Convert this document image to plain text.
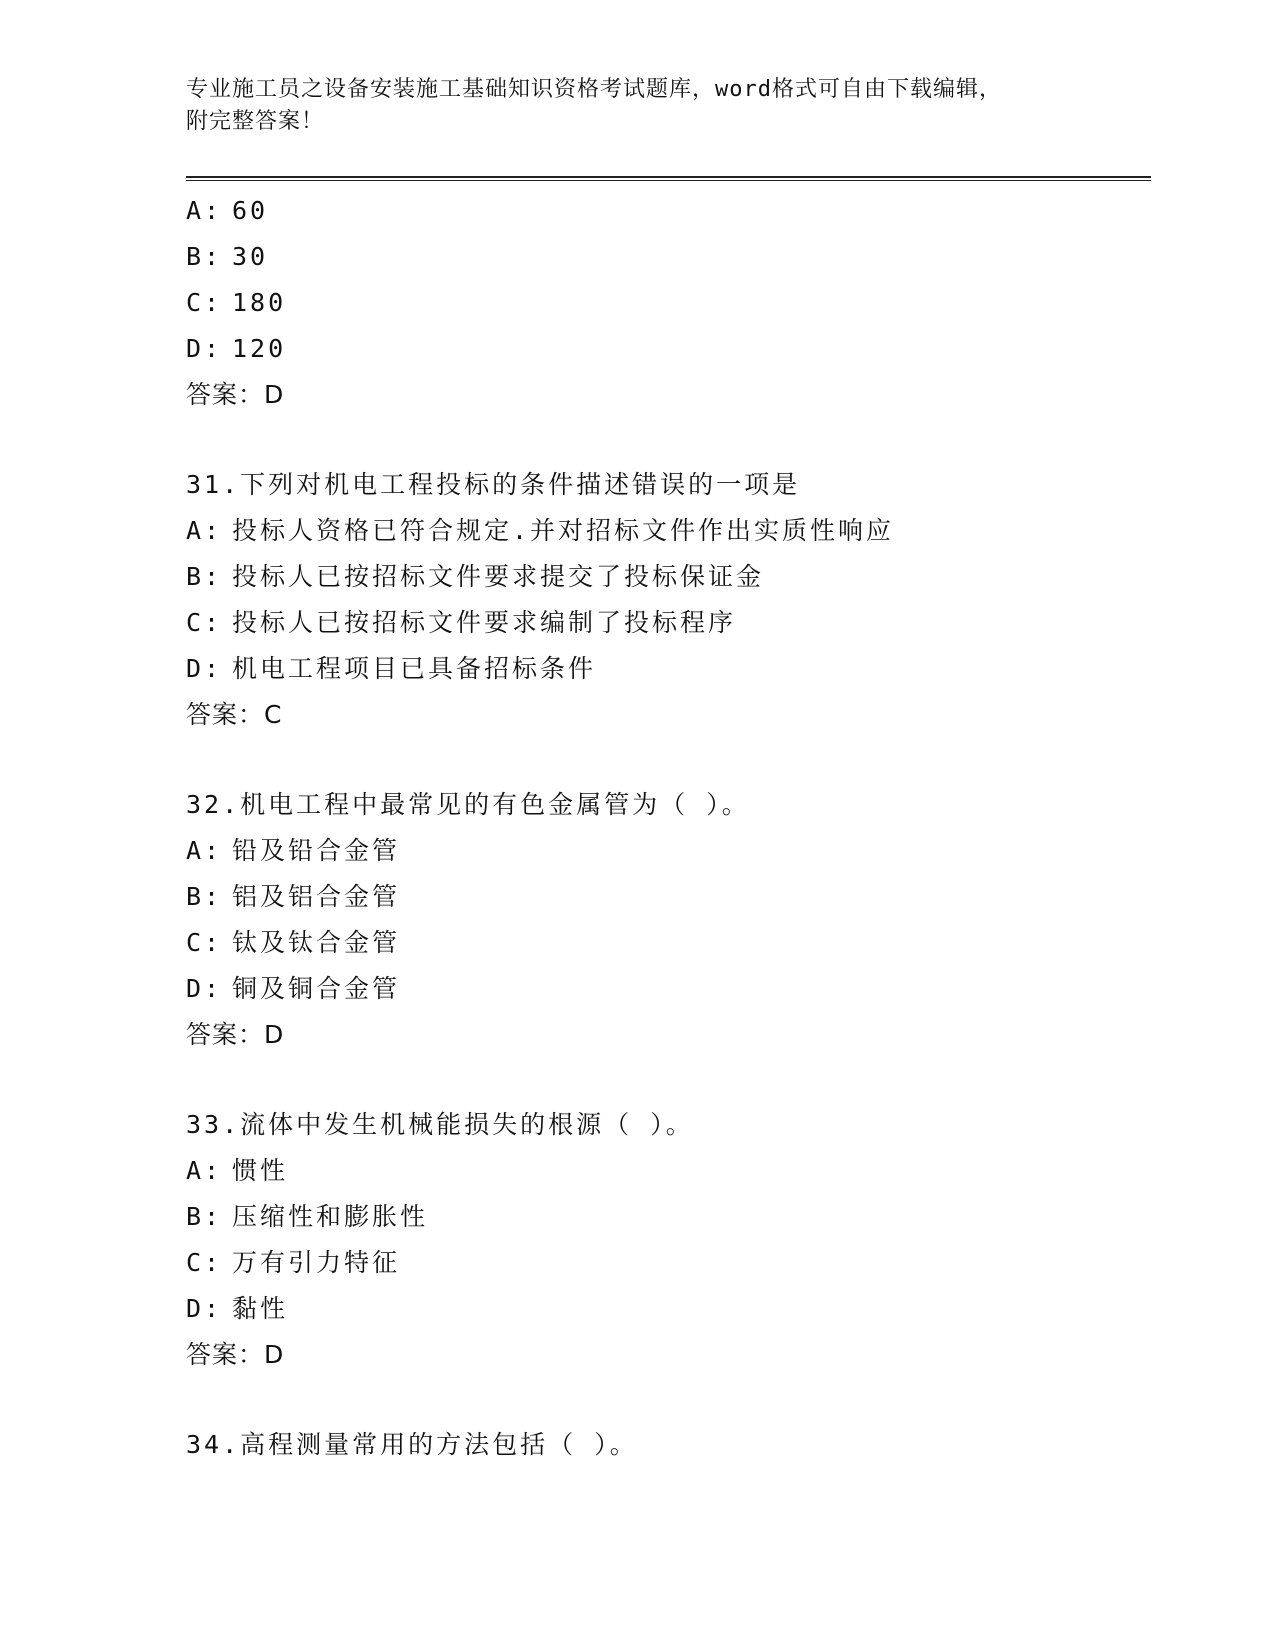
专业施工员之设备安装施工基础知识资格考试题库，word格式可自由下载编辑，
附完整答案！
A: 60
B: 30
C: 180
D: 120
答案：D
31.下列对机电工程投标的条件描述错误的一项是
A: 投标人资格已符合规定.并对招标文件作出实质性响应
B: 投标人已按招标文件要求提交了投标保证金
C: 投标人已按招标文件要求编制了投标程序
D: 机电工程项目已具备招标条件
答案：C
32.机电工程中最常见的有色金属管为（ ）。
A: 铅及铅合金管
B: 铝及铝合金管
C: 钛及钛合金管
D: 铜及铜合金管
答案：D
33.流体中发生机械能损失的根源（ ）。
A: 惯性
B: 压缩性和膨胀性
C: 万有引力特征
D: 黏性
答案：D
34.高程测量常用的方法包括（ ）。
